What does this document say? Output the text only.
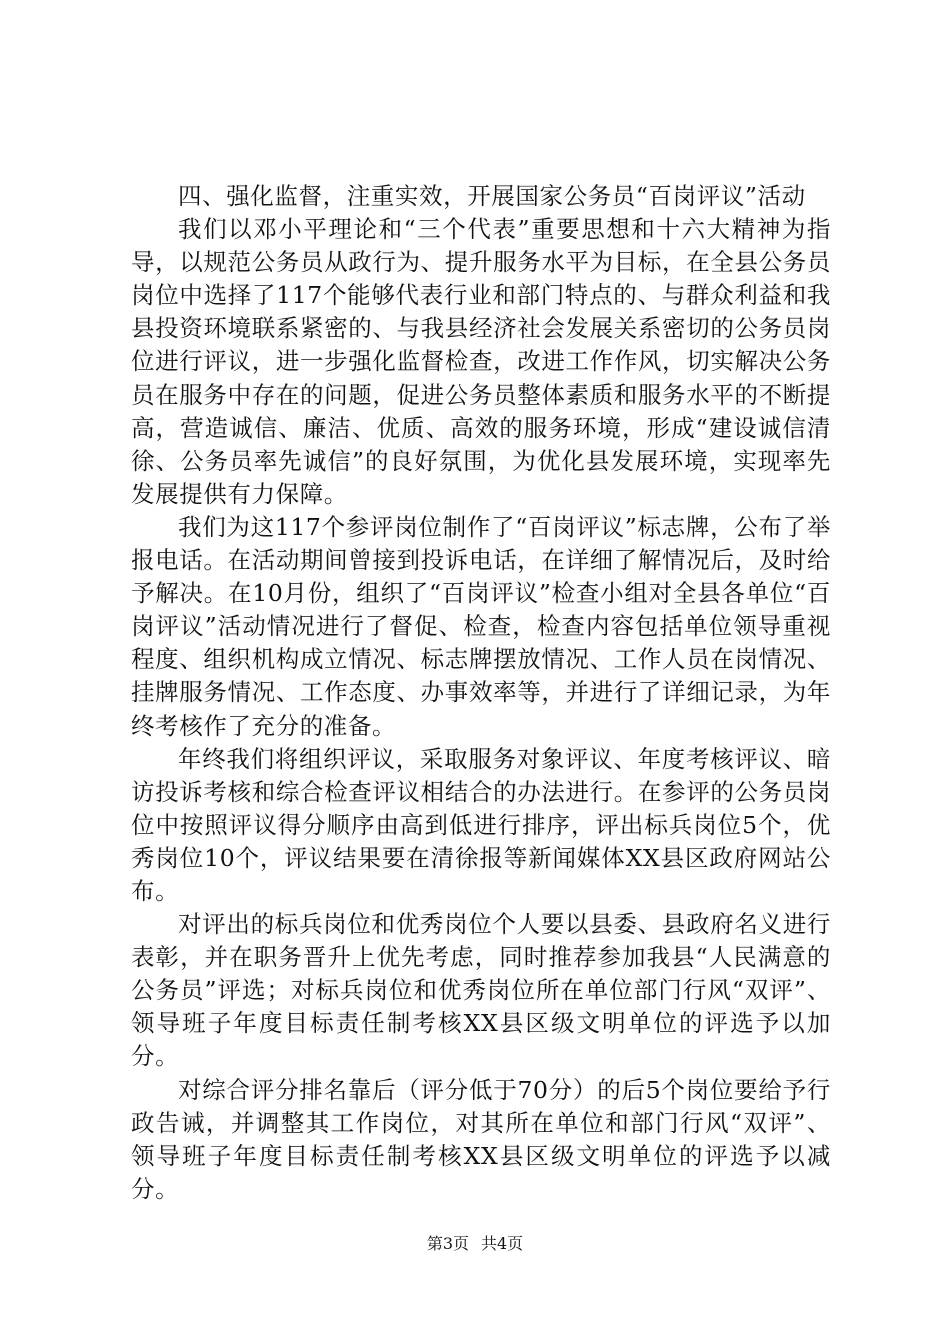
四、强化监督，注重实效，开展国家公务员“百岗评议”活动

我们以邓小平理论和“三个代表”重要思想和十六大精神为指导，以规范公务员从政行为、提升服务水平为目标，在全县公务员岗位中选择了117个能够代表行业和部门特点的、与群众利益和我县投资环境联系紧密的、与我县经济社会发展关系密切的公务员岗位进行评议，进一步强化监督检查，改进工作作风，切实解决公务员在服务中存在的问题，促进公务员整体素质和服务水平的不断提高，营造诚信、廉洁、优质、高效的服务环境，形成“建设诚信清徐、公务员率先诚信”的良好氛围，为优化县发展环境，实现率先发展提供有力保障。

我们为这117个参评岗位制作了“百岗评议”标志牌，公布了举报电话。在活动期间曾接到投诉电话，在详细了解情况后，及时给予解决。在10月份，组织了“百岗评议”检查小组对全县各单位“百岗评议”活动情况进行了督促、检查，检查内容包括单位领导重视程度、组织机构成立情况、标志牌摆放情况、工作人员在岗情况、挂牌服务情况、工作态度、办事效率等，并进行了详细记录，为年终考核作了充分的准备。

年终我们将组织评议，采取服务对象评议、年度考核评议、暗访投诉考核和综合检查评议相结合的办法进行。在参评的公务员岗位中按照评议得分顺序由高到低进行排序，评出标兵岗位5个，优秀岗位10个，评议结果要在清徐报等新闻媒体XX县区政府网站公布。

对评出的标兵岗位和优秀岗位个人要以县委、县政府名义进行表彰，并在职务晋升上优先考虑，同时推荐参加我县“人民满意的公务员”评选；对标兵岗位和优秀岗位所在单位部门行风“双评”、领导班子年度目标责任制考核XX县区级文明单位的评选予以加分。

对综合评分排名靠后（评分低于70分）的后5个岗位要给予行政告诫，并调整其工作岗位，对其所在单位和部门行风“双评”、领导班子年度目标责任制考核XX县区级文明单位的评选予以减分。

第3页 共4页
